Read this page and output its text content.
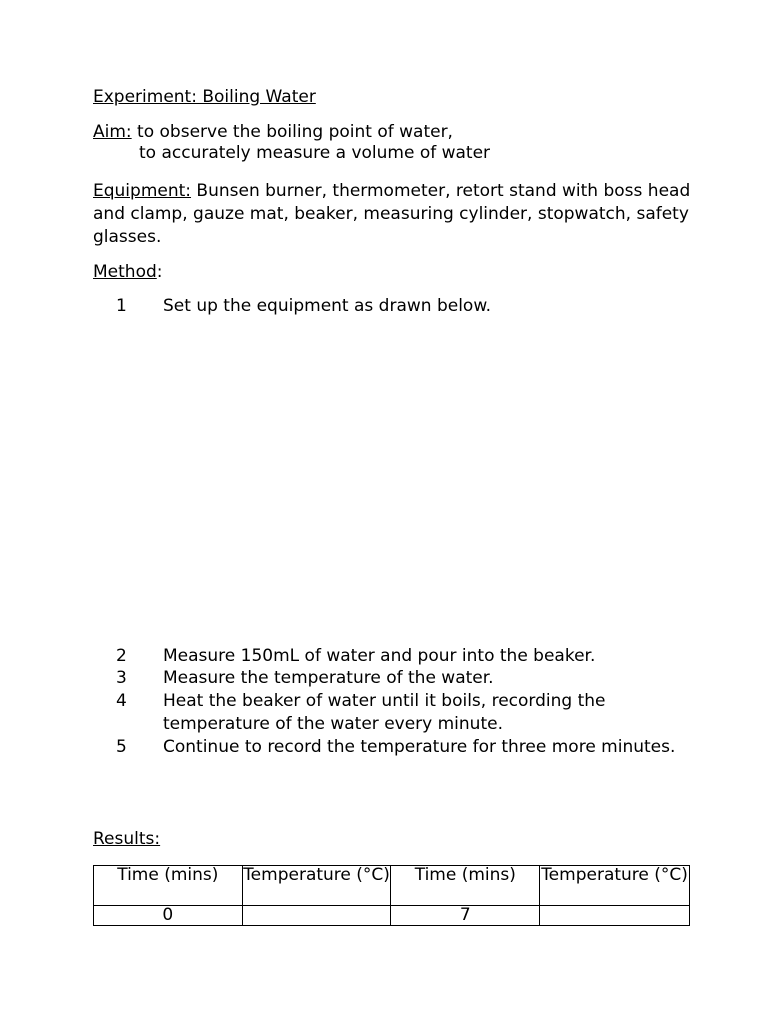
Experiment: Boiling Water
Aim: to observe the boiling point of water,
to accurately measure a volume of water
Equipment: Bunsen burner, thermometer, retort stand with boss head and clamp, gauze mat, beaker, measuring cylinder, stopwatch, safety glasses.
Method:
1	Set up the equipment as drawn below.
2	Measure 150mL of water and pour into the beaker.
3	Measure the temperature of the water.
4	Heat the beaker of water until it boils, recording the temperature of the water every minute.
5	Continue to record the temperature for three more minutes.
Results:
Time (mins)	Temperature (°C)	Time (mins)	Temperature (°C)
0		7	
